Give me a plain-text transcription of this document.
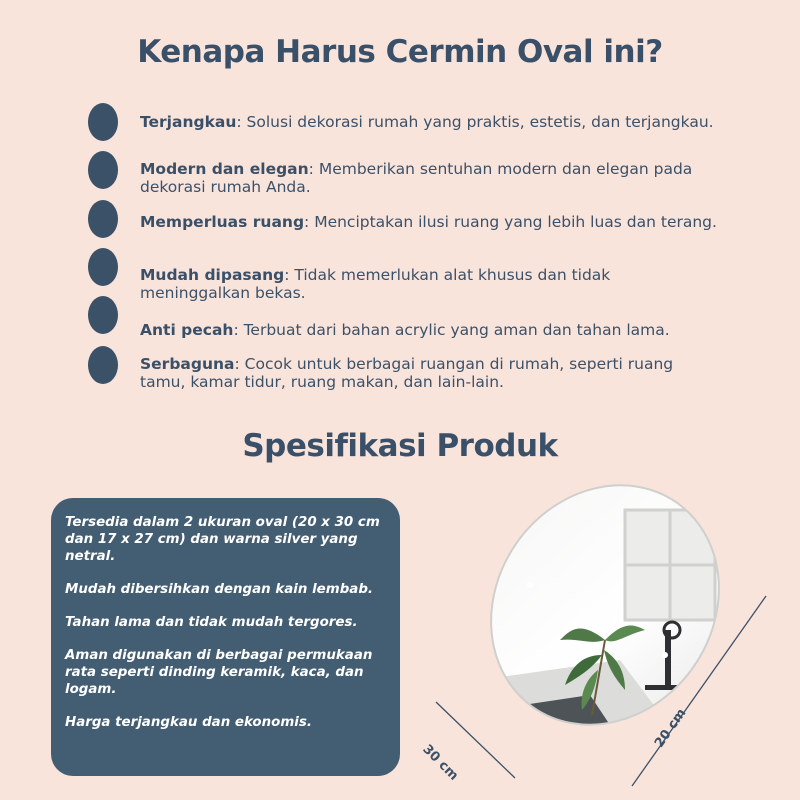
Kenapa Harus Cermin Oval ini?
Terjangkau: Solusi dekorasi rumah yang praktis, estetis, dan terjangkau.
Modern dan elegan: Memberikan sentuhan modern dan elegan pada dekorasi rumah Anda.
Memperluas ruang: Menciptakan ilusi ruang yang lebih luas dan terang.
Mudah dipasang: Tidak memerlukan alat khusus dan tidak meninggalkan bekas.
Anti pecah: Terbuat dari bahan acrylic yang aman dan tahan lama.
Serbaguna: Cocok untuk berbagai ruangan di rumah, seperti ruang tamu, kamar tidur, ruang makan, dan lain-lain.
Spesifikasi Produk
Tersedia dalam 2 ukuran oval (20 x 30 cm dan 17 x 27 cm) dan warna silver yang netral.
Mudah dibersihkan dengan kain lembab.
Tahan lama dan tidak mudah tergores.
Aman digunakan di berbagai permukaan rata seperti dinding keramik, kaca, dan logam.
Harga terjangkau dan ekonomis.
30 cm
20 cm
